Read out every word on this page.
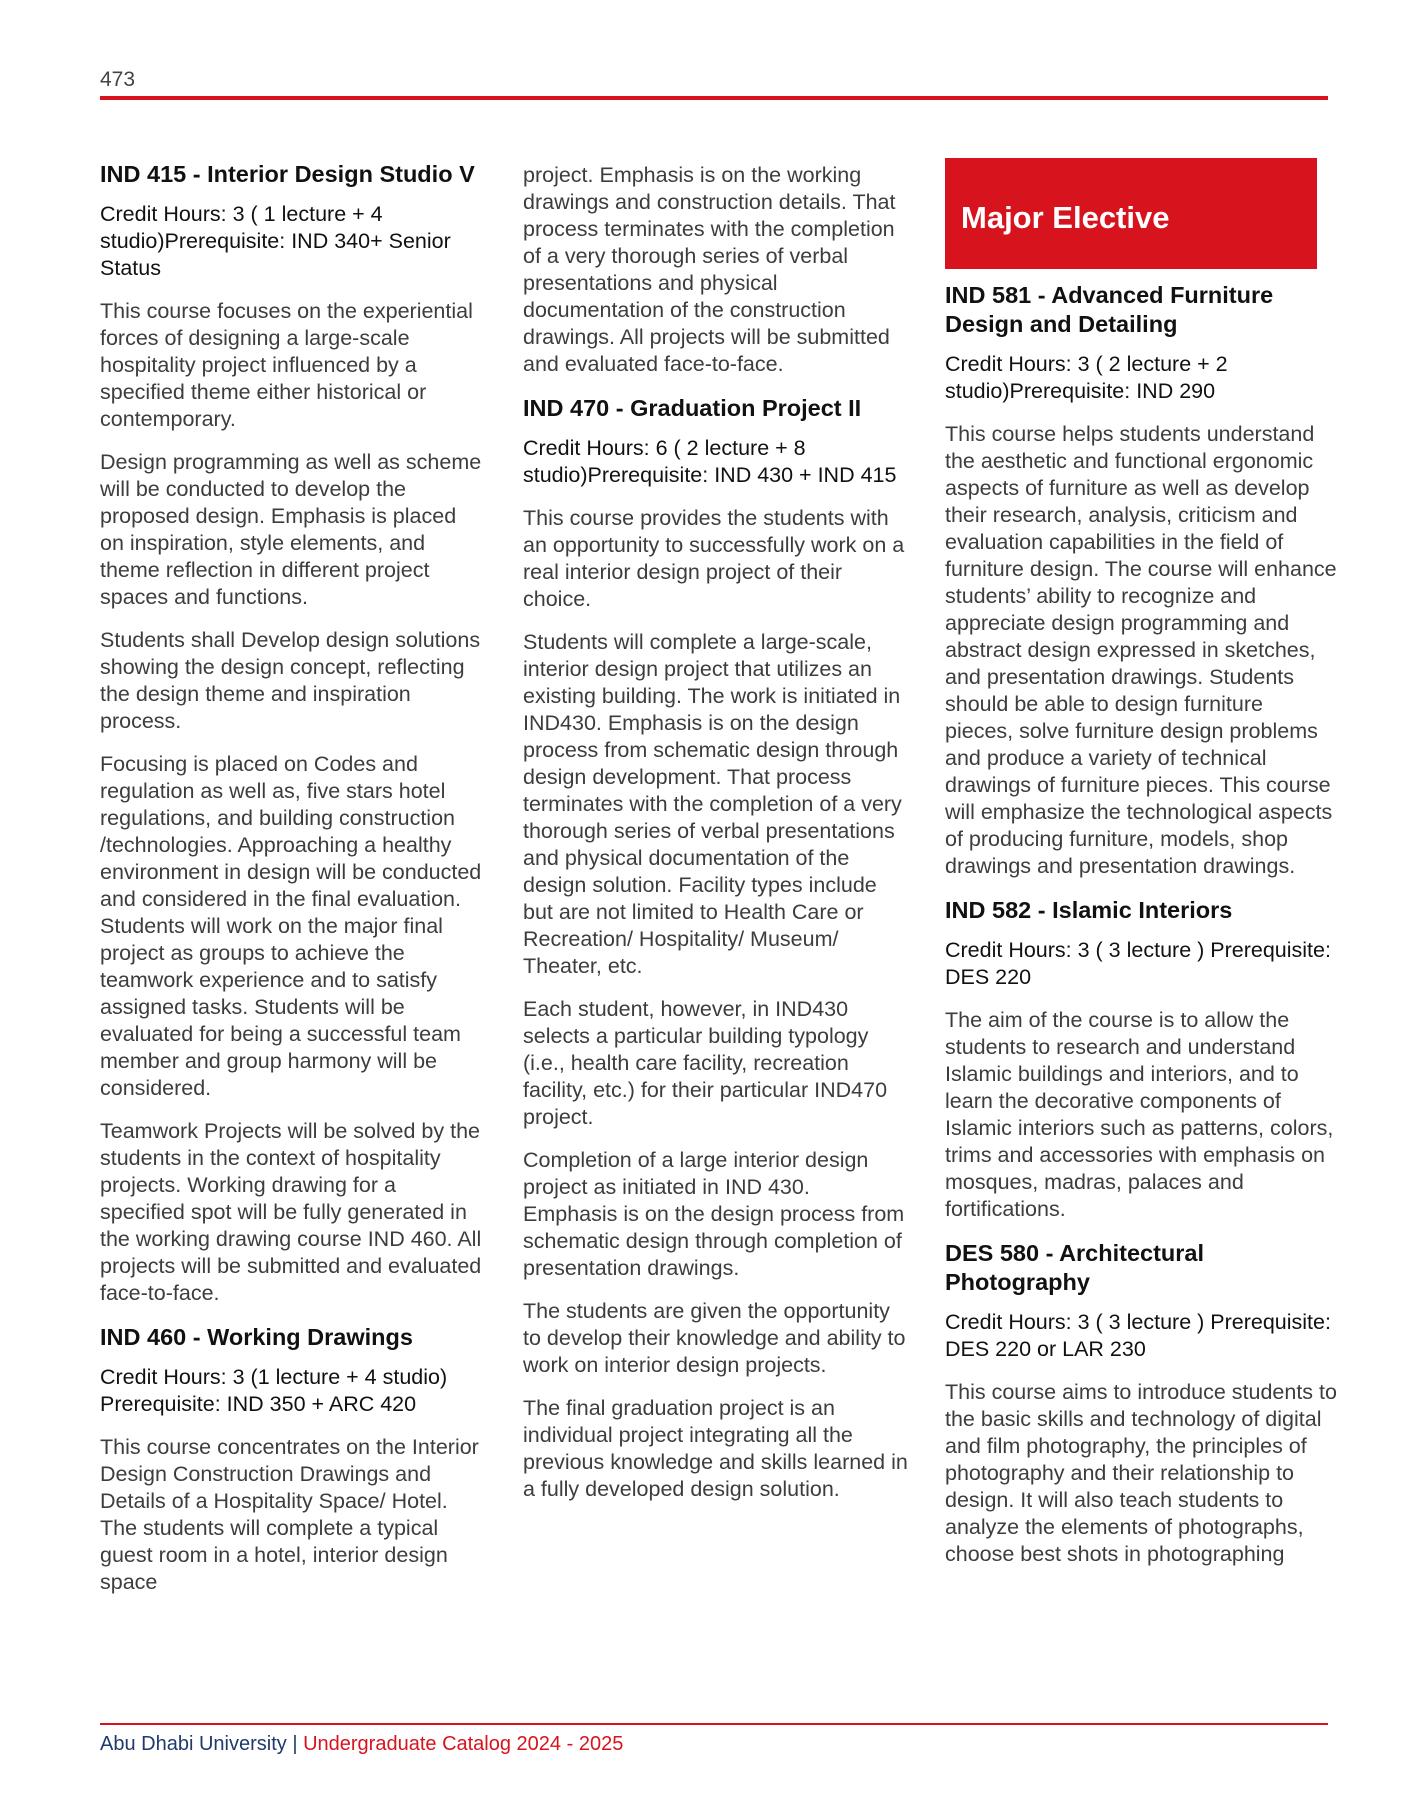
473
IND 415 - Interior Design Studio V
Credit Hours: 3 ( 1 lecture + 4 studio)Prerequisite: IND 340+ Senior Status
This course focuses on the experiential forces of designing a large-scale hospitality project influenced by a specified theme either historical or contemporary.
Design programming as well as scheme will be conducted to develop the proposed design. Emphasis is placed on inspiration, style elements, and theme reflection in different project spaces and functions.
Students shall Develop design solutions showing the design concept, reflecting the design theme and inspiration process.
Focusing is placed on Codes and regulation as well as, five stars hotel regulations, and building construction /technologies. Approaching a healthy environment in design will be conducted and considered in the final evaluation. Students will work on the major final project as groups to achieve the teamwork experience and to satisfy assigned tasks. Students will be evaluated for being a successful team member and group harmony will be considered.
Teamwork Projects will be solved by the students in the context of hospitality projects. Working drawing for a specified spot will be fully generated in the working drawing course IND 460. All projects will be submitted and evaluated face-to-face.
IND 460 - Working Drawings
Credit Hours: 3 (1 lecture + 4 studio) Prerequisite: IND 350 + ARC 420
This course concentrates on the Interior Design Construction Drawings and Details of a Hospitality Space/ Hotel. The students will complete a typical guest room in a hotel, interior design space
project. Emphasis is on the working drawings and construction details. That process terminates with the completion of a very thorough series of verbal presentations and physical documentation of the construction drawings. All projects will be submitted and evaluated face-to-face.
IND 470 - Graduation Project II
Credit Hours: 6 ( 2 lecture + 8 studio)Prerequisite: IND 430 + IND 415
This course provides the students with an opportunity to successfully work on a real interior design project of their choice.
Students will complete a large-scale, interior design project that utilizes an existing building. The work is initiated in IND430. Emphasis is on the design process from schematic design through design development. That process terminates with the completion of a very thorough series of verbal presentations and physical documentation of the design solution. Facility types include but are not limited to Health Care or Recreation/ Hospitality/ Museum/ Theater, etc.
Each student, however, in IND430 selects a particular building typology (i.e., health care facility, recreation facility, etc.) for their particular IND470 project.
Completion of a large interior design project as initiated in IND 430. Emphasis is on the design process from schematic design through completion of presentation drawings.
The students are given the opportunity to develop their knowledge and ability to work on interior design projects.
The final graduation project is an individual project integrating all the previous knowledge and skills learned in a fully developed design solution.
Major Elective
IND 581 - Advanced Furniture Design and Detailing
Credit Hours: 3 ( 2 lecture + 2 studio)Prerequisite: IND 290
This course helps students understand the aesthetic and functional ergonomic aspects of furniture as well as develop their research, analysis, criticism and evaluation capabilities in the field of furniture design. The course will enhance students’ ability to recognize and appreciate design programming and abstract design expressed in sketches, and presentation drawings. Students should be able to design furniture pieces, solve furniture design problems and produce a variety of technical drawings of furniture pieces. This course will emphasize the technological aspects of producing furniture, models, shop drawings and presentation drawings.
IND 582 - Islamic Interiors
Credit Hours: 3 ( 3 lecture ) Prerequisite: DES 220
The aim of the course is to allow the students to research and understand Islamic buildings and interiors, and to learn the decorative components of Islamic interiors such as patterns, colors, trims and accessories with emphasis on mosques, madras, palaces and fortifications.
DES 580 - Architectural Photography
Credit Hours: 3 ( 3 lecture ) Prerequisite: DES 220 or LAR 230
This course aims to introduce students to the basic skills and technology of digital and film photography, the principles of photography and their relationship to design. It will also teach students to analyze the elements of photographs, choose best shots in photographing
Abu Dhabi University | Undergraduate Catalog 2024 - 2025
